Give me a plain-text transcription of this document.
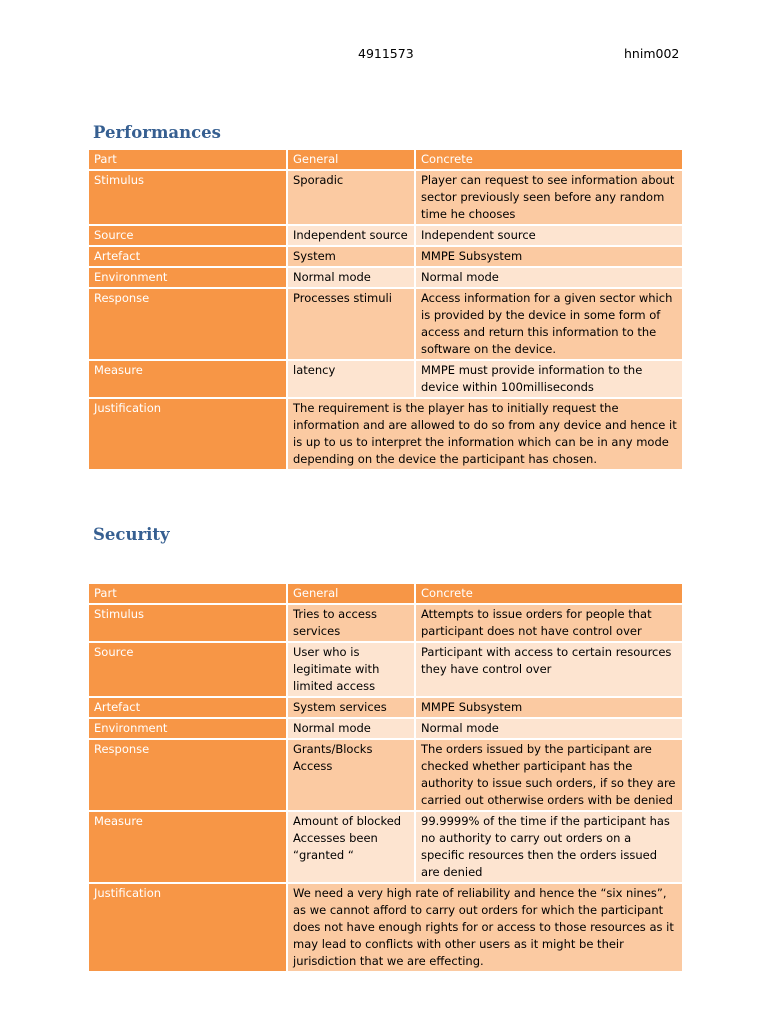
4911573	hnim002
Performances
Part	General	Concrete
Stimulus	Sporadic	Player can request to see information about sector previously seen before any random time he chooses
Source	Independent source	Independent source
Artefact	System	MMPE Subsystem
Environment	Normal mode	Normal mode
Response	Processes stimuli	Access information for a given sector which is provided by the device in some form of access and return this information to the software on the device.
Measure	latency	MMPE must provide information to the device within 100milliseconds
Justification	The requirement is the player has to initially request the information and are allowed to do so from any device and hence it is up to us to interpret the information which can be in any mode depending on the device the participant has chosen.	
Security
Part	General	Concrete
Stimulus	Tries to access services	Attempts to issue orders for people that participant does not have control over
Source	User who is legitimate with limited access	Participant with access to certain resources they have control over
Artefact	System services	MMPE Subsystem
Environment	Normal mode	Normal mode
Response	Grants/Blocks Access	The orders issued by the participant are checked whether participant has the authority to issue such orders, if so they are carried out otherwise orders with be denied
Measure	Amount of blocked Accesses been “granted “	99.9999% of the time if the participant has no authority to carry out orders on a specific resources then the orders issued are denied
Justification	We need a very high rate of reliability and hence the “six nines”, as we cannot afford to carry out orders for which the participant does not have enough rights for or access to those resources as it may lead to conflicts with other users as it might be their jurisdiction that we are effecting.	
